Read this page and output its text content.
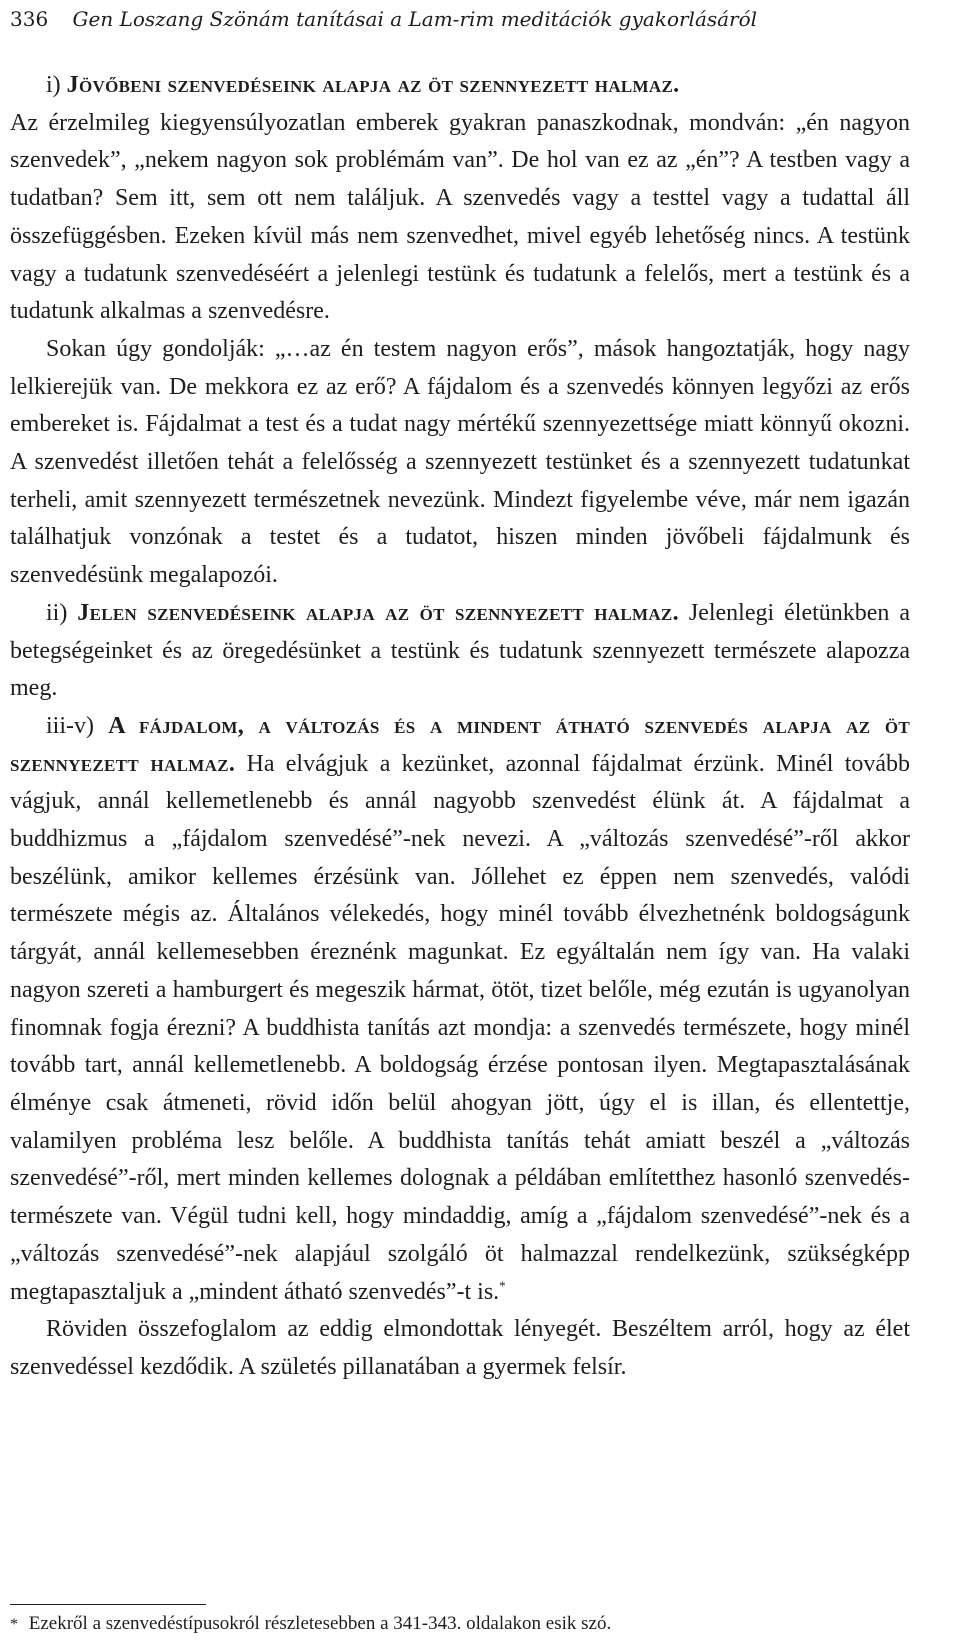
336 Gen Loszang Szönám tanításai a Lam-rim meditációk gyakorlásáról

i) Jövőbeni szenvedéseink alapja az öt szennyezett halmaz.
Az érzelmileg kiegyensúlyozatlan emberek gyakran panaszkodnak, mondván: „én nagyon szenvedek”, „nekem nagyon sok problémám van”. De hol van ez az „én”? A testben vagy a tudatban? Sem itt, sem ott nem találjuk. A szenvedés vagy a testtel vagy a tudattal áll összefüggésben. Ezeken kívül más nem szenvedhet, mivel egyéb lehetőség nincs. A testünk vagy a tudatunk szenvedéséért a jelenlegi testünk és tudatunk a felelős, mert a testünk és a tudatunk alkalmas a szenvedésre.

Sokan úgy gondolják: „…az én testem nagyon erős”, mások hangoztatják, hogy nagy lelkierejük van. De mekkora ez az erő? A fájdalom és a szenvedés könnyen legyőzi az erős embereket is. Fájdalmat a test és a tudat nagy mértékű szennyezettsége miatt könnyű okozni. A szenvedést illetően tehát a felelősség a szennyezett testünket és a szennyezett tudatunkat terheli, amit szennyezett természetnek nevezünk. Mindezt figyelembe véve, már nem igazán találhatjuk vonzónak a testet és a tudatot, hiszen minden jövőbeli fájdalmunk és szenvedésünk megalapozói.

ii) Jelen szenvedéseink alapja az öt szennyezett halmaz. Jelenlegi életünkben a betegségeinket és az öregedésünket a testünk és tudatunk szennyezett természete alapozza meg.

iii-v) A fájdalom, a változás és a mindent átható szenvedés alapja az öt szennyezett halmaz. Ha elvágjuk a kezünket, azonnal fájdalmat érzünk. Minél tovább vágjuk, annál kellemetlenebb és annál nagyobb szenvedést élünk át. A fájdalmat a buddhizmus a „fájdalom szenvedésé”-nek nevezi. A „változás szenvedésé”-ről akkor beszélünk, amikor kellemes érzésünk van. Jóllehet ez éppen nem szenvedés, valódi természete mégis az. Általános vélekedés, hogy minél tovább élvezhetnénk boldogságunk tárgyát, annál kellemesebben éreznénk magunkat. Ez egyáltalán nem így van. Ha valaki nagyon szereti a hamburgert és megeszik hármat, ötöt, tizet belőle, még ezután is ugyanolyan finomnak fogja érezni? A buddhista tanítás azt mondja: a szenvedés természete, hogy minél tovább tart, annál kellemetlenebb. A boldogság érzése pontosan ilyen. Megtapasztalásának élménye csak átmeneti, rövid időn belül ahogyan jött, úgy el is illan, és ellentettje, valamilyen probléma lesz belőle. A buddhista tanítás tehát amiatt beszél a „változás szenvedésé”-ről, mert minden kellemes dolognak a példában említetthez hasonló szenvedés-természete van. Végül tudni kell, hogy mindaddig, amíg a „fájdalom szenvedésé”-nek és a „változás szenvedésé”-nek alapjául szolgáló öt halmazzal rendelkezünk, szükségképp megtapasztaljuk a „mindent átható szenvedés”-t is.*

Röviden összefoglalom az eddig elmondottak lényegét. Beszéltem arról, hogy az élet szenvedéssel kezdődik. A születés pillanatában a gyermek felsír.

* Ezekről a szenvedéstípusokról részletesebben a 341-343. oldalakon esik szó.
